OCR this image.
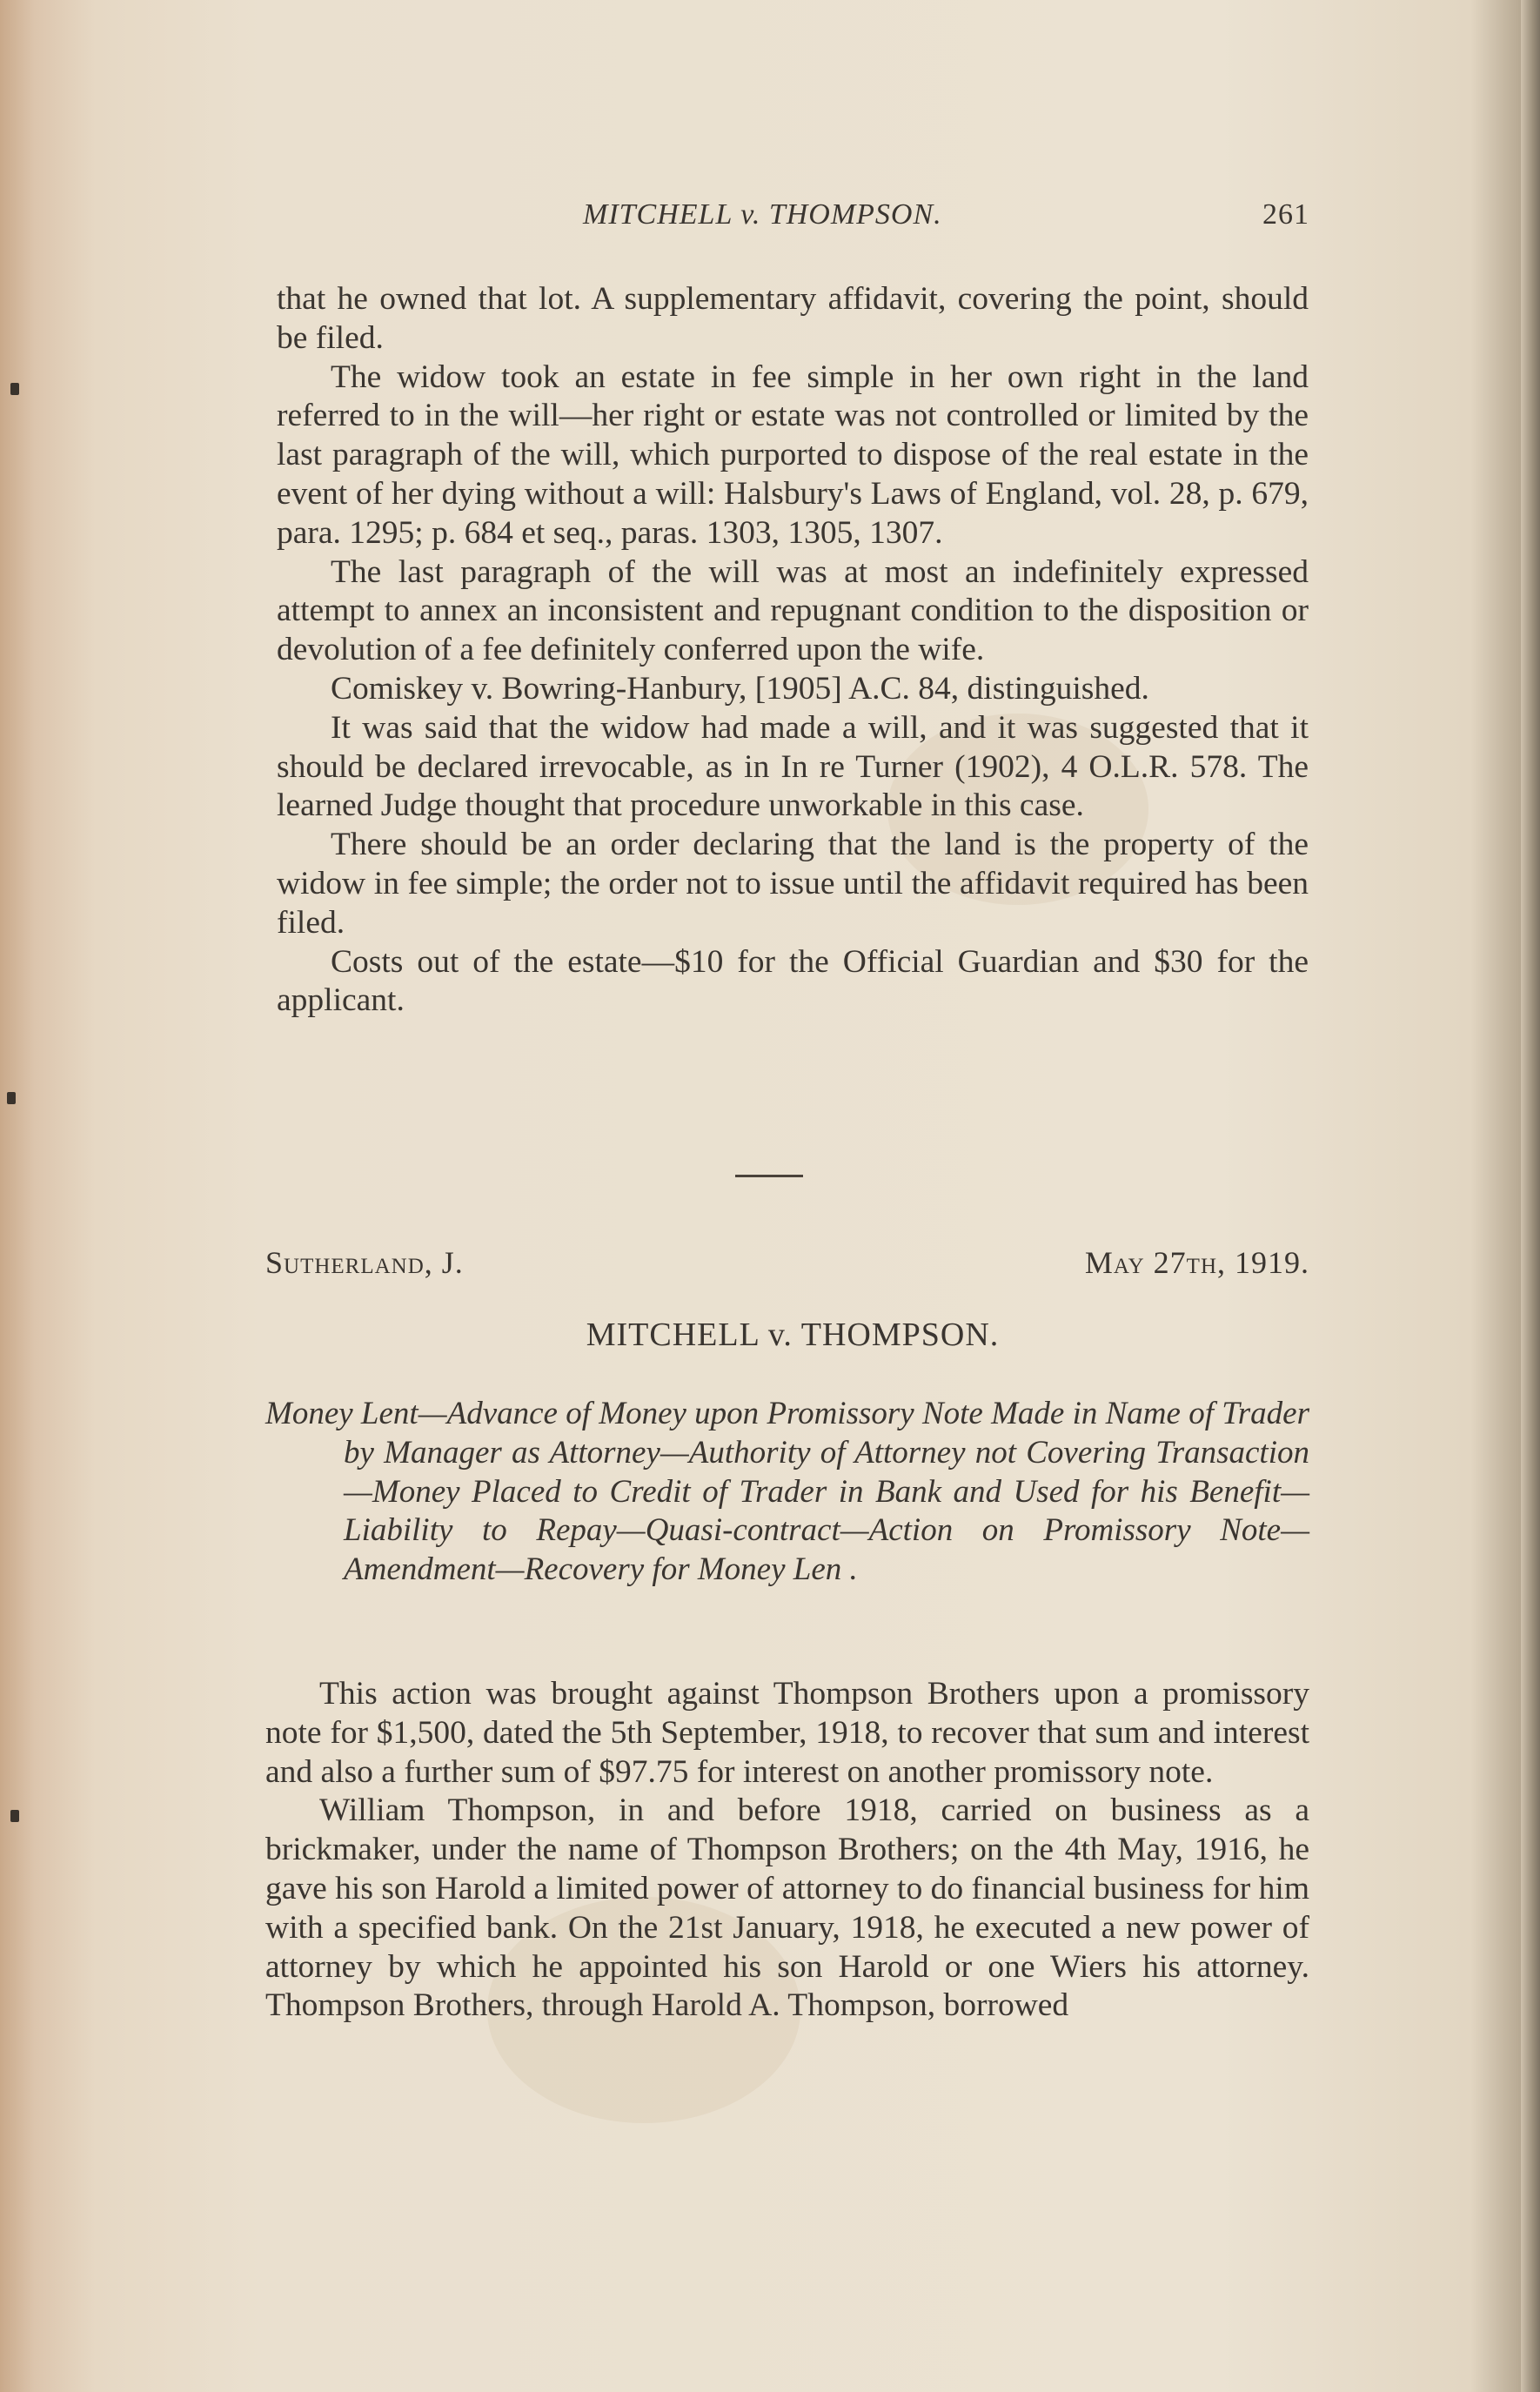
MITCHELL v. THOMPSON.	261

that he owned that lot. A supplementary affidavit, covering the point, should be filed.

The widow took an estate in fee simple in her own right in the land referred to in the will—her right or estate was not controlled or limited by the last paragraph of the will, which purported to dispose of the real estate in the event of her dying without a will: Halsbury's Laws of England, vol. 28, p. 679, para. 1295; p. 684 et seq., paras. 1303, 1305, 1307.

The last paragraph of the will was at most an indefinitely expressed attempt to annex an inconsistent and repugnant condition to the disposition or devolution of a fee definitely conferred upon the wife.

Comiskey v. Bowring-Hanbury, [1905] A.C. 84, distinguished.

It was said that the widow had made a will, and it was suggested that it should be declared irrevocable, as in In re Turner (1902), 4 O.L.R. 578. The learned Judge thought that procedure unworkable in this case.

There should be an order declaring that the land is the property of the widow in fee simple; the order not to issue until the affidavit required has been filed.

Costs out of the estate—$10 for the Official Guardian and $30 for the applicant.

Sutherland, J.	May 27th, 1919.
MITCHELL v. THOMPSON.

Money Lent—Advance of Money upon Promissory Note Made in Name of Trader by Manager as Attorney—Authority of Attorney not Covering Transaction—Money Placed to Credit of Trader in Bank and Used for his Benefit—Liability to Repay—Quasi-contract—Action on Promissory Note—Amendment—Recovery for Money Len .

This action was brought against Thompson Brothers upon a promissory note for $1,500, dated the 5th September, 1918, to recover that sum and interest and also a further sum of $97.75 for interest on another promissory note.

William Thompson, in and before 1918, carried on business as a brickmaker, under the name of Thompson Brothers; on the 4th May, 1916, he gave his son Harold a limited power of attorney to do financial business for him with a specified bank. On the 21st January, 1918, he executed a new power of attorney by which he appointed his son Harold or one Wiers his attorney. Thompson Brothers, through Harold A. Thompson, borrowed
